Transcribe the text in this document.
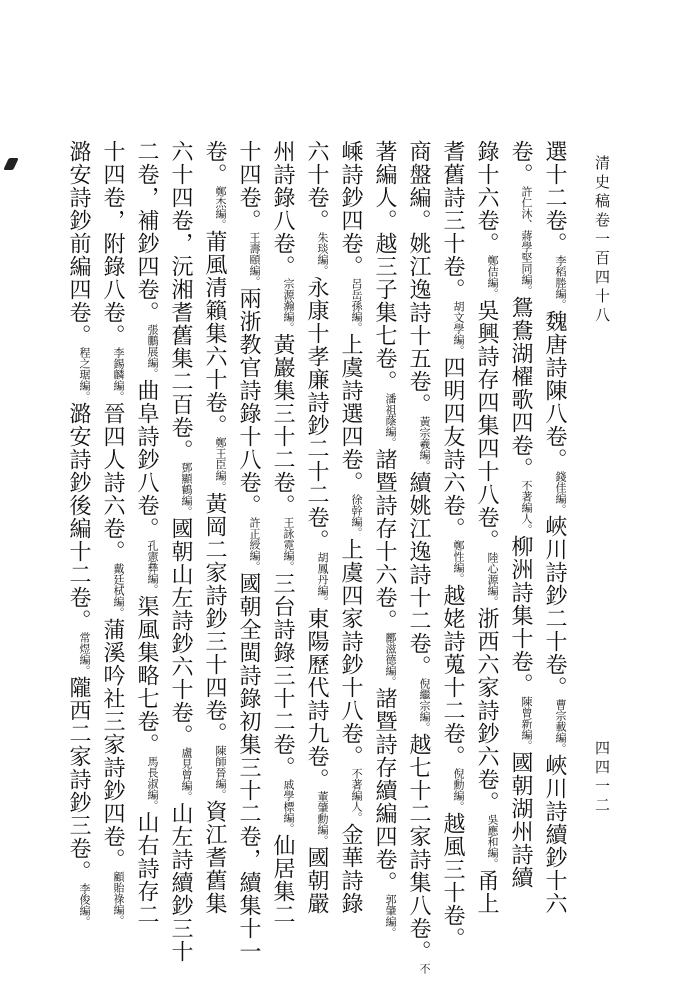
清史稿卷一百四十八
四四一二
選十二卷。李稻塍編。魏唐詩陳八卷。錢佳編。峽川詩鈔二十卷。曹宗載編。峽川詩續鈔十六
卷。許仁沐、蔣學堅同編。鴛鴦湖櫂歌四卷。不著編人。柳洲詩集十卷。陳曾新編。國朝湖州詩續
錄十六卷。鄭佶編。吳興詩存四集四十八卷。陸心源編。浙西六家詩鈔六卷。吳應和編。甬上
耆舊詩三十卷。胡文學編。四明四友詩六卷。鄭性編。越姥詩蒐十二卷。倪勳編。越風三十卷。
商盤編。姚江逸詩十五卷。黃宗羲編。續姚江逸詩十二卷。倪繼宗編。越七十二家詩集八卷。不
著編人。越三子集七卷。潘祖蔭編。諸暨詩存十六卷。酈滋德編。諸暨詩存續編四卷。郭肇編。
嵊詩鈔四卷。呂岳孫編。上虞詩選四卷。徐幹編。上虞四家詩鈔十八卷。不著編人。金華詩錄
六十卷。朱琰編。永康十孝廉詩鈔二十二卷。胡鳳丹編。東陽歷代詩九卷。董肇勳編。國朝嚴
州詩錄八卷。宗源瀚編。黃巖集三十二卷。王詠霓編。三台詩錄三十二卷。戚學標編。仙居集二
十四卷。王壽頤編。兩浙教官詩錄十八卷。許正綬編。國朝全閩詩錄初集三十二卷，續集十一
卷。鄭杰編。莆風清籟集六十卷。鄭王臣編。黃岡二家詩鈔三十四卷。陳師晉編。資江耆舊集
六十四卷，沅湘耆舊集二百卷。鄧顯鶴編。國朝山左詩鈔六十卷。盧見曾編。山左詩續鈔三十
二卷，補鈔四卷。張鵬展編。曲阜詩鈔八卷。孔憲彝編。渠風集略七卷。馬長淑編。山右詩存二
十四卷，附錄八卷。李錫麟編。晉四人詩六卷。戴廷栻編。蒲溪吟社三家詩鈔四卷。顧貽祿編。
潞安詩鈔前編四卷。程之琚編。潞安詩鈔後編十二卷。常煜編。隴西二家詩鈔三卷。李俊編。
